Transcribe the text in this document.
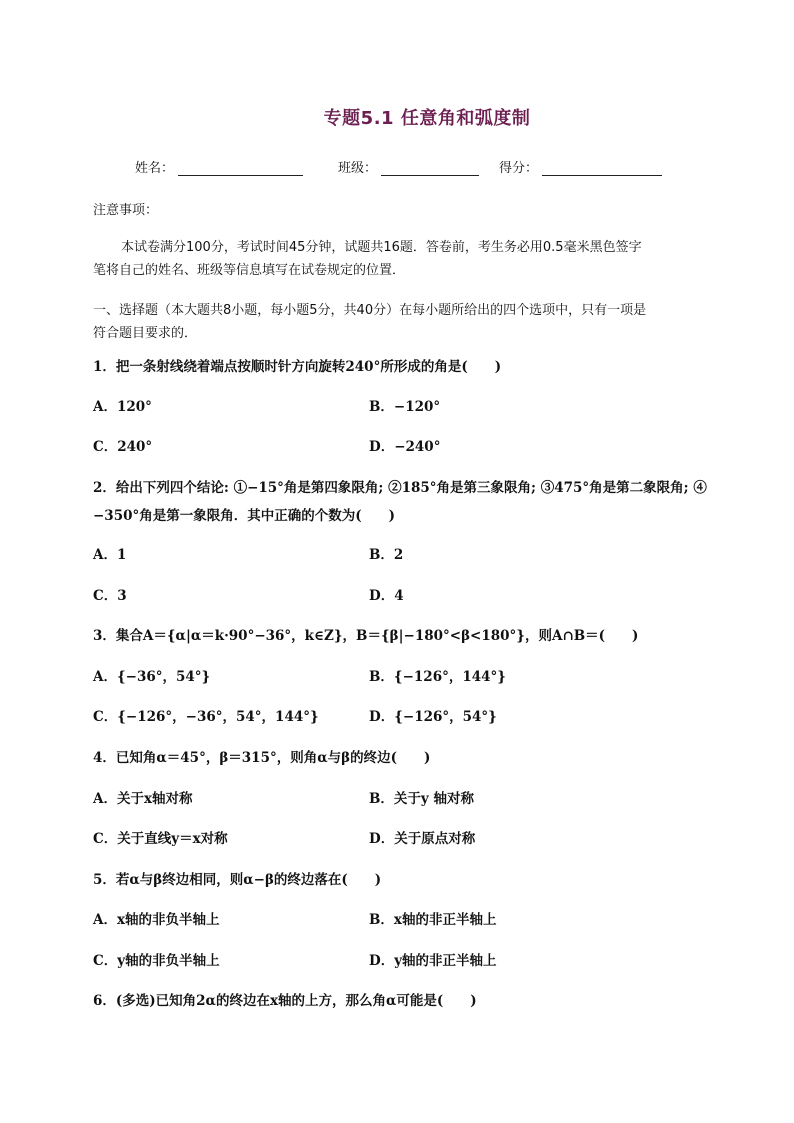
专题5.1 任意角和弧度制
姓名：	班级：	得分：
注意事项：
本试卷满分100分，考试时间45分钟，试题共16题．答卷前，考生务必用0.5毫米黑色签字
笔将自己的姓名、班级等信息填写在试卷规定的位置．
一、选择题（本大题共8小题，每小题5分，共40分）在每小题所给出的四个选项中，只有一项是
符合题目要求的．
1．把一条射线绕着端点按顺时针方向旋转240°所形成的角是(　　)
A．120°	B．−120°
C．240°	D．−240°
2．给出下列四个结论: ①−15°角是第四象限角; ②185°角是第三象限角; ③475°角是第二象限角; ④
−350°角是第一象限角．其中正确的个数为(　　)
A．1	B．2
C．3	D．4
3．集合A＝{α|α＝k·90°−36°，k∈Z}，B＝{β|−180°<β<180°}，则A∩B＝(　　)
A．{−36°，54°}	B．{−126°，144°}
C．{−126°，−36°，54°，144°}	D．{−126°，54°}
4．已知角α＝45°，β＝315°，则角α与β的终边(　　)
A．关于x轴对称	B．关于y 轴对称
C．关于直线y＝x对称	D．关于原点对称
5．若α与β终边相同，则α−β的终边落在(　　)
A．x轴的非负半轴上	B．x轴的非正半轴上
C．y轴的非负半轴上	D．y轴的非正半轴上
6．(多选)已知角2α的终边在x轴的上方，那么角α可能是(　　)
